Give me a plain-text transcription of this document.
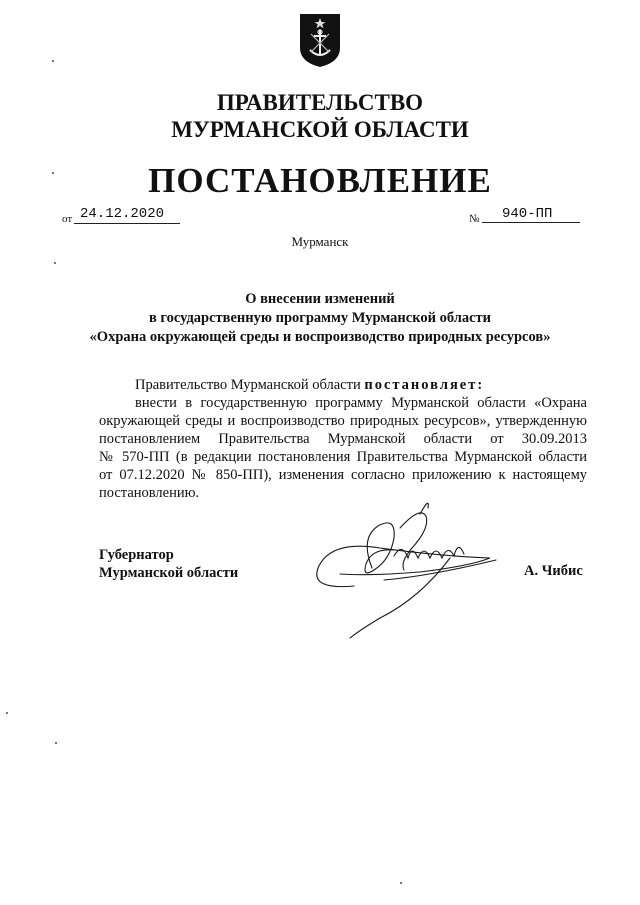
ПРАВИТЕЛЬСТВО
МУРМАНСКОЙ ОБЛАСТИ
ПОСТАНОВЛЕНИЕ
от 24.12.2020	№	940-ПП
Мурманск
О внесении изменений
в государственную программу Мурманской области
«Охрана окружающей среды и воспроизводство природных ресурсов»
Правительство Мурманской области постановляет:
внести в государственную программу Мурманской области «Охрана
окружающей среды и воспроизводство природных ресурсов», утвержденную
постановлением Правительства Мурманской области от 30.09.2013
№ 570-ПП (в редакции постановления Правительства Мурманской области
от 07.12.2020 № 850-ПП), изменения согласно приложению к настоящему
постановлению.
Губернатор
Мурманской области	А. Чибис
